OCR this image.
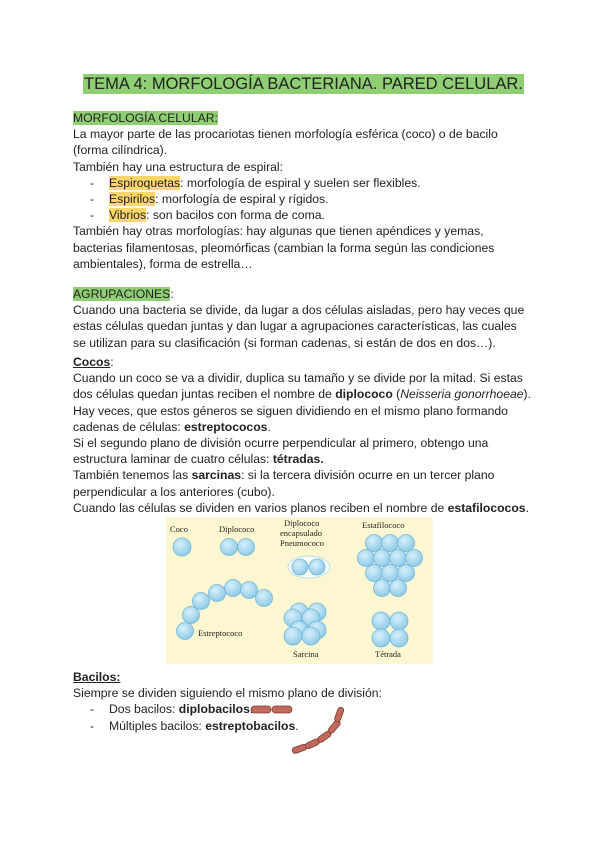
TEMA 4: MORFOLOGÍA BACTERIANA. PARED CELULAR.
MORFOLOGÍA CELULAR:
La mayor parte de las procariotas tienen morfología esférica (coco) o de bacilo
(forma cilíndrica).
También hay una estructura de espiral:
- Espiroquetas: morfología de espiral y suelen ser flexibles.
- Espirilos: morfología de espiral y rígidos.
- Vibrios: son bacilos con forma de coma.
También hay otras morfologías: hay algunas que tienen apéndices y yemas,
bacterias filamentosas, pleomórficas (cambian la forma según las condiciones
ambientales), forma de estrella…
AGRUPACIONES:
Cuando una bacteria se divide, da lugar a dos células aisladas, pero hay veces que
estas células quedan juntas y dan lugar a agrupaciones características, las cuales
se utilizan para su clasificación (si forman cadenas, si están de dos en dos…).
Cocos:
Cuando un coco se va a dividir, duplica su tamaño y se divide por la mitad. Si estas
dos células quedan juntas reciben el nombre de diplococo (Neisseria gonorrhoeae).
Hay veces, que estos géneros se siguen dividiendo en el mismo plano formando
cadenas de células: estreptococos.
Si el segundo plano de división ocurre perpendicular al primero, obtengo una
estructura laminar de cuatro células: tétradas.
También tenemos las sarcinas: si la tercera división ocurre en un tercer plano
perpendicular a los anteriores (cubo).
Cuando las células se dividen en varios planos reciben el nombre de estafilococos.
Coco	Diplococo
Diplococo
encapsulado
Pneumococo
Estafilococo
Estreptococo
Sarcina	Tétrada
Bacilos:
Siempre se dividen siguiendo el mismo plano de división:
- Dos bacilos: diplobacilos
- Múltiples bacilos: estreptobacilos.
